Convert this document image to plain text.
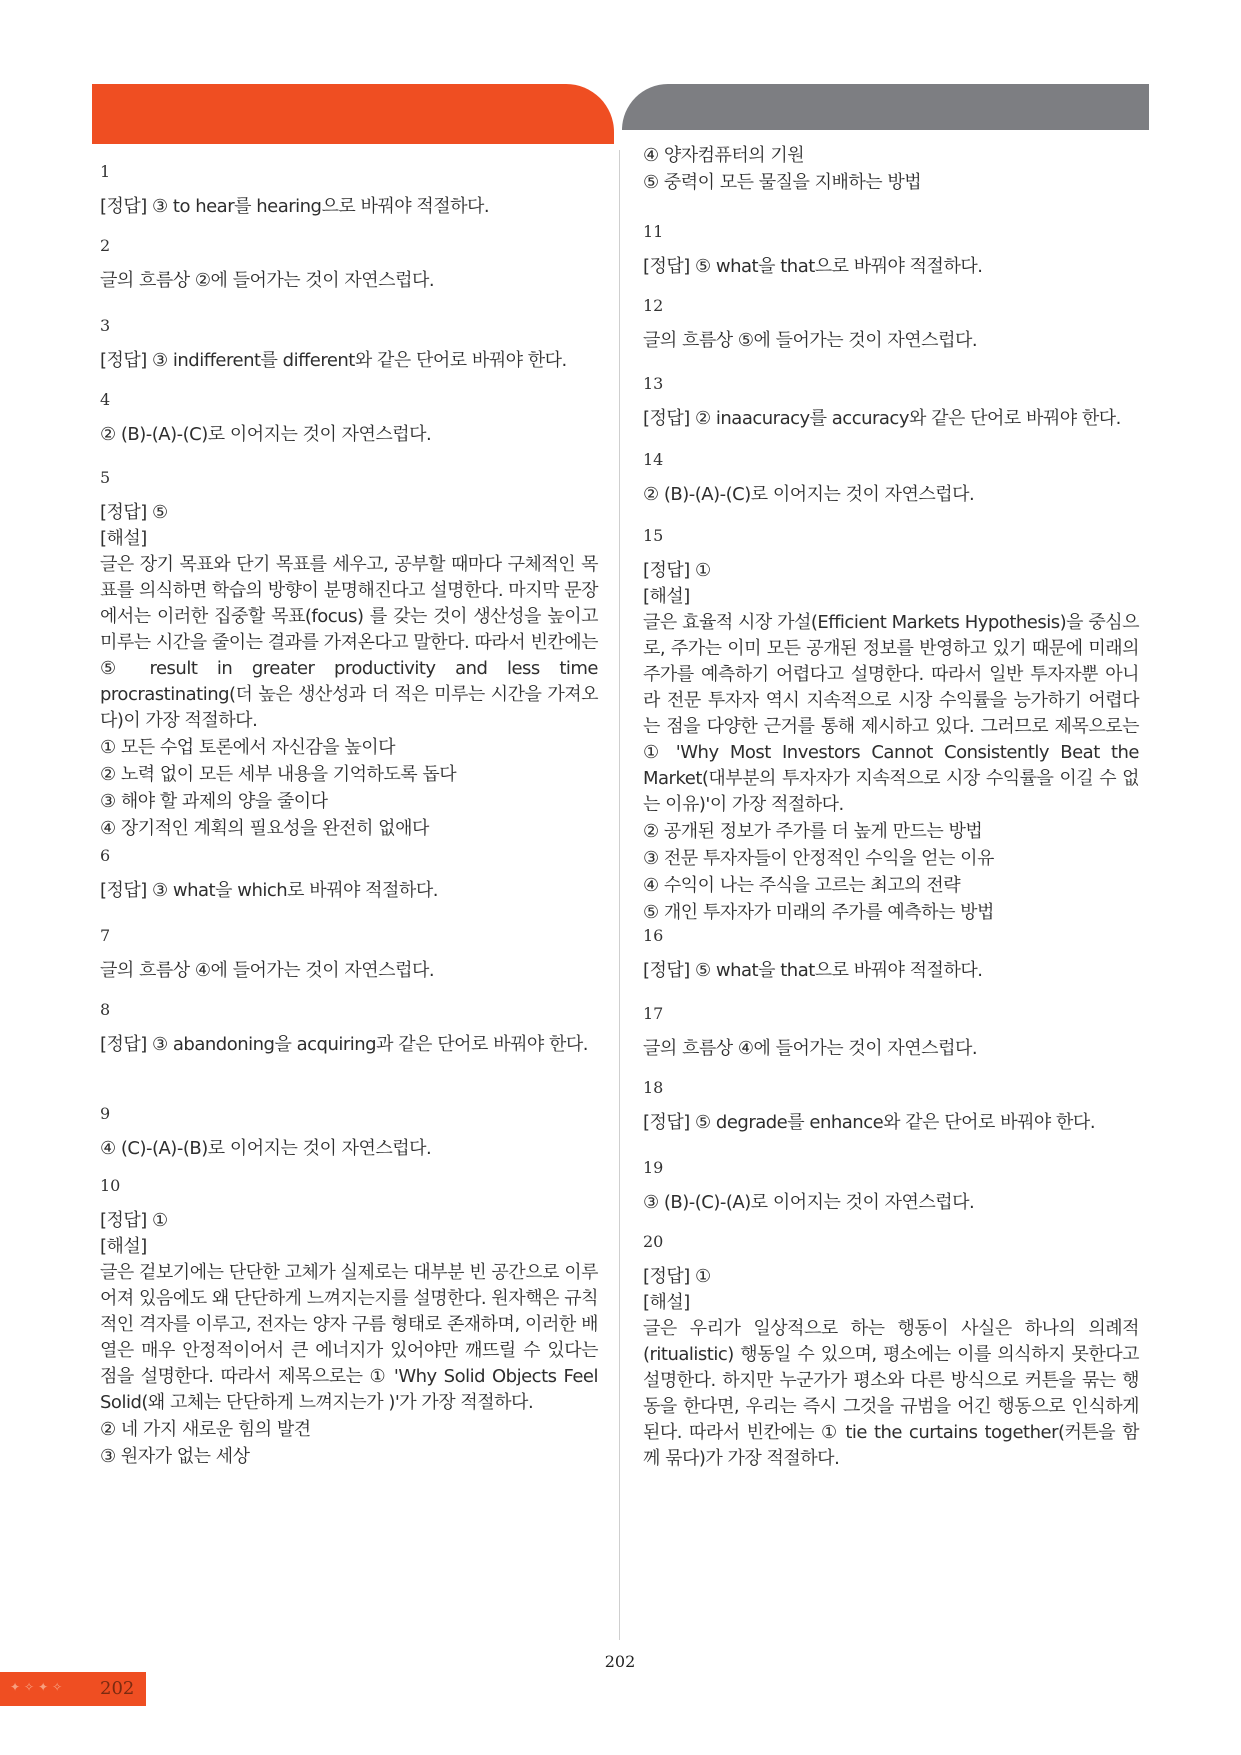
1
[정답] ③ to hear를 hearing으로 바꿔야 적절하다.
2
글의 흐름상 ②에 들어가는 것이 자연스럽다.
3
[정답] ③ indifferent를 different와 같은 단어로 바꿔야 한다.
4
② (B)-(A)-(C)로 이어지는 것이 자연스럽다.
5
[정답] ⑤
[해설]
글은 장기 목표와 단기 목표를 세우고, 공부할 때마다 구체적인 목표를 의식하면 학습의 방향이 분명해진다고 설명한다. 마지막 문장에서는 이러한 집중할 목표(focus) 를 갖는 것이 생산성을 높이고 미루는 시간을 줄이는 결과를 가져온다고 말한다. 따라서 빈칸에는 ⑤ result in greater productivity and less time procrastinating(더 높은 생산성과 더 적은 미루는 시간을 가져오다)이 가장 적절하다.
① 모든 수업 토론에서 자신감을 높이다
② 노력 없이 모든 세부 내용을 기억하도록 돕다
③ 해야 할 과제의 양을 줄이다
④ 장기적인 계획의 필요성을 완전히 없애다
6
[정답] ③ what을 which로 바꿔야 적절하다.
7
글의 흐름상 ④에 들어가는 것이 자연스럽다.
8
[정답] ③ abandoning을 acquiring과 같은 단어로 바꿔야 한다.
9
④ (C)-(A)-(B)로 이어지는 것이 자연스럽다.
10
[정답] ①
[해설]
글은 겉보기에는 단단한 고체가 실제로는 대부분 빈 공간으로 이루어져 있음에도 왜 단단하게 느껴지는지를 설명한다. 원자핵은 규칙적인 격자를 이루고, 전자는 양자 구름 형태로 존재하며, 이러한 배열은 매우 안정적이어서 큰 에너지가 있어야만 깨뜨릴 수 있다는 점을 설명한다. 따라서 제목으로는 ① 'Why Solid Objects Feel Solid(왜 고체는 단단하게 느껴지는가 )'가 가장 적절하다.
② 네 가지 새로운 힘의 발견
③ 원자가 없는 세상
④ 양자컴퓨터의 기원
⑤ 중력이 모든 물질을 지배하는 방법
11
[정답] ⑤ what을 that으로 바꿔야 적절하다.
12
글의 흐름상 ⑤에 들어가는 것이 자연스럽다.
13
[정답] ② inaacuracy를 accuracy와 같은 단어로 바꿔야 한다.
14
② (B)-(A)-(C)로 이어지는 것이 자연스럽다.
15
[정답] ①
[해설]
글은 효율적 시장 가설(Efficient Markets Hypothesis)을 중심으로, 주가는 이미 모든 공개된 정보를 반영하고 있기 때문에 미래의 주가를 예측하기 어렵다고 설명한다. 따라서 일반 투자자뿐 아니라 전문 투자자 역시 지속적으로 시장 수익률을 능가하기 어렵다는 점을 다양한 근거를 통해 제시하고 있다. 그러므로 제목으로는 ① 'Why Most Investors Cannot Consistently Beat the Market(대부분의 투자자가 지속적으로 시장 수익률을 이길 수 없는 이유)'이 가장 적절하다.
② 공개된 정보가 주가를 더 높게 만드는 방법
③ 전문 투자자들이 안정적인 수익을 얻는 이유
④ 수익이 나는 주식을 고르는 최고의 전략
⑤ 개인 투자자가 미래의 주가를 예측하는 방법
16
[정답] ⑤ what을 that으로 바꿔야 적절하다.
17
글의 흐름상 ④에 들어가는 것이 자연스럽다.
18
[정답] ⑤ degrade를 enhance와 같은 단어로 바꿔야 한다.
19
③ (B)-(C)-(A)로 이어지는 것이 자연스럽다.
20
[정답] ①
[해설]
글은 우리가 일상적으로 하는 행동이 사실은 하나의 의례적(ritualistic) 행동일 수 있으며, 평소에는 이를 의식하지 못한다고 설명한다. 하지만 누군가가 평소와 다른 방식으로 커튼을 묶는 행동을 한다면, 우리는 즉시 그것을 규범을 어긴 행동으로 인식하게 된다. 따라서 빈칸에는 ① tie the curtains together(커튼을 함께 묶다)가 가장 적절하다.
202
✦✧✦✧ 202
